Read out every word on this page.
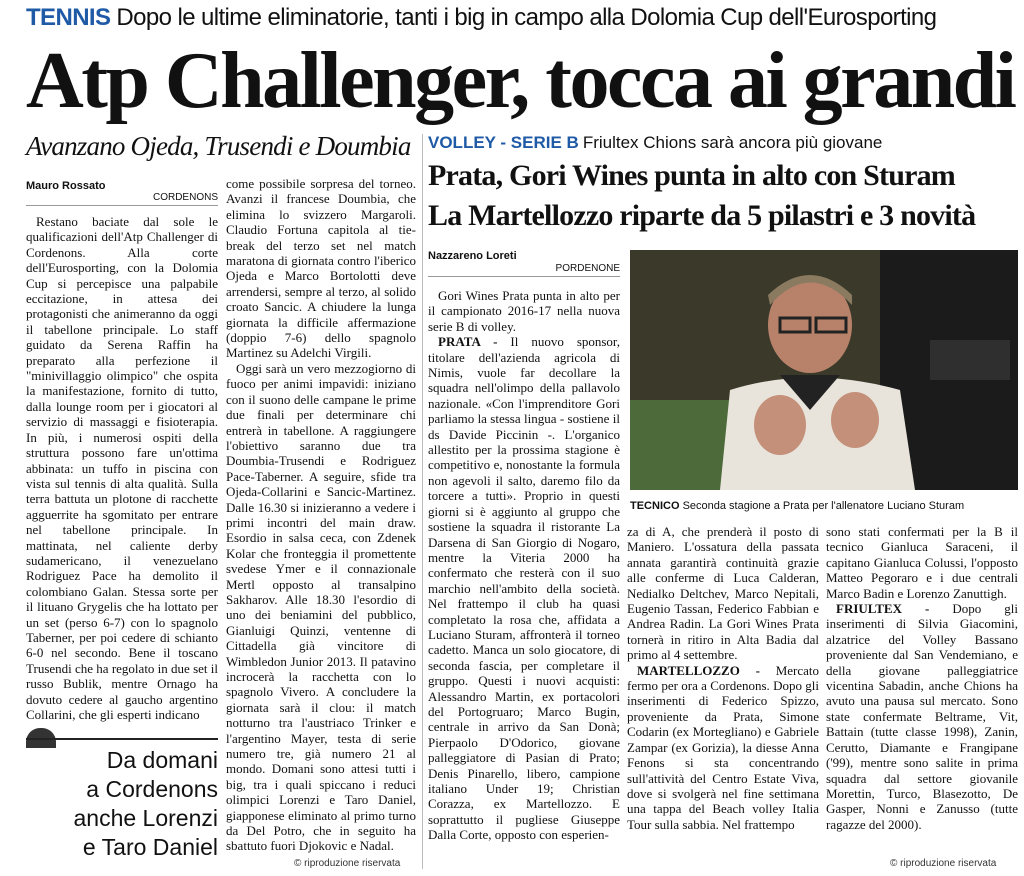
TENNIS Dopo le ultime eliminatorie, tanti i big in campo alla Dolomia Cup dell'Eurosporting
Atp Challenger, tocca ai grandi
Avanzano Ojeda, Trusendi e Doumbia
Mauro Rossato
CORDENONS

Restano baciate dal sole le qualificazioni dell'Atp Challenger di Cordenons. Alla corte dell'Eurosporting, con la Dolomia Cup si percepisce una palpabile eccitazione, in attesa dei protagonisti che animeranno da oggi il tabellone principale. Lo staff guidato da Serena Raffin ha preparato alla perfezione il "minivillaggio olimpico" che ospita la manifestazione, fornito di tutto, dalla lounge room per i giocatori al servizio di massaggi e fisioterapia. In più, i numerosi ospiti della struttura possono fare un'ottima abbinata: un tuffo in piscina con vista sul tennis di alta qualità. Sulla terra battuta un plotone di racchette agguerrite ha sgomitato per entrare nel tabellone principale. In mattinata, nel caliente derby sudamericano, il venezuelano Rodriguez Pace ha demolito il colombiano Galan. Stessa sorte per il lituano Grygelis che ha lottato per un set (perso 6-7) con lo spagnolo Taberner, per poi cedere di schianto 6-0 nel secondo. Bene il toscano Trusendi che ha regolato in due set il russo Bublik, mentre Ornago ha dovuto cedere al gaucho argentino Collarini, che gli esperti indicano

Da domani
a Cordenons
anche Lorenzi
e Taro Daniel

come possibile sorpresa del torneo. Avanzi il francese Doumbia, che elimina lo svizzero Margaroli. Claudio Fortuna capitola al tie-break del terzo set nel match maratona di giornata contro l'iberico Ojeda e Marco Bortolotti deve arrendersi, sempre al terzo, al solido croato Sancic. A chiudere la lunga giornata la difficile affermazione (doppio 7-6) dello spagnolo Martinez su Adelchi Virgili.

Oggi sarà un vero mezzogiorno di fuoco per animi impavidi: iniziano con il suono delle campane le prime due finali per determinare chi entrerà in tabellone. A raggiungere l'obiettivo saranno due tra Doumbia-Trusendi e Rodriguez Pace-Taberner. A seguire, sfide tra Ojeda-Collarini e Sancic-Martinez. Dalle 16.30 si inizieranno a vedere i primi incontri del main draw. Esordio in salsa ceca, con Zdenek Kolar che fronteggia il promettente svedese Ymer e il connazionale Mertl opposto al transalpino Sakharov. Alle 18.30 l'esordio di uno dei beniamini del pubblico, Gianluigi Quinzi, ventenne di Cittadella già vincitore di Wimbledon Junior 2013. Il patavino incrocerà la racchetta con lo spagnolo Vivero. A concludere la giornata sarà il clou: il match notturno tra l'austriaco Trinker e l'argentino Mayer, testa di serie numero tre, già numero 21 al mondo. Domani sono attesi tutti i big, tra i quali spiccano i reduci olimpici Lorenzi e Taro Daniel, giapponese eliminato al primo turno da Del Potro, che in seguito ha sbattuto fuori Djokovic e Nadal.

© riproduzione riservata
VOLLEY - SERIE B Friultex Chions sarà ancora più giovane
Prata, Gori Wines punta in alto con Sturam
La Martellozzo riparte da 5 pilastri e 3 novità
Nazzareno Loreti
PORDENONE

Gori Wines Prata punta in alto per il campionato 2016-17 nella nuova serie B di volley.

PRATA - Il nuovo sponsor, titolare dell'azienda agricola di Nimis, vuole far decollare la squadra nell'olimpo della pallavolo nazionale. «Con l'imprenditore Gori parliamo la stessa lingua - sostiene il ds Davide Piccinin -. L'organico allestito per la prossima stagione è competitivo e, nonostante la formula non agevoli il salto, daremo filo da torcere a tutti». Proprio in questi giorni si è aggiunto al gruppo che sostiene la squadra il ristorante La Darsena di San Giorgio di Nogaro, mentre la Viteria 2000 ha confermato che resterà con il suo marchio nell'ambito della società. Nel frattempo il club ha quasi completato la rosa che, affidata a Luciano Sturam, affronterà il torneo cadetto. Manca un solo giocatore, di seconda fascia, per completare il gruppo. Questi i nuovi acquisti: Alessandro Martin, ex portacolori del Portogruaro; Marco Bugin, centrale in arrivo da San Donà; Pierpaolo D'Odorico, giovane palleggiatore di Pasian di Prato; Denis Pinarello, libero, campione italiano Under 19; Christian Corazza, ex Martellozzo. E soprattutto il pugliese Giuseppe Dalla Corte, opposto con esperien-

TECNICO Seconda stagione a Prata per l'allenatore Luciano Sturam

za di A, che prenderà il posto di Maniero. L'ossatura della passata annata garantirà continuità grazie alle conferme di Luca Calderan, Nedialko Deltchev, Marco Nepitali, Eugenio Tassan, Federico Fabbian e Andrea Radin. La Gori Wines Prata tornerà in ritiro in Alta Badia dal primo al 4 settembre.

MARTELLOZZO - Mercato fermo per ora a Cordenons. Dopo gli inserimenti di Federico Spizzo, proveniente da Prata, Simone Codarin (ex Mortegliano) e Gabriele Zampar (ex Gorizia), la diesse Anna Fenons si sta concentrando sull'attività del Centro Estate Viva, dove si svolgerà nel fine settimana una tappa del Beach volley Italia Tour sulla sabbia. Nel frattempo

sono stati confermati per la B il tecnico Gianluca Saraceni, il capitano Gianluca Colussi, l'opposto Matteo Pegoraro e i due centrali Marco Badin e Lorenzo Zanuttigh.

FRIULTEX - Dopo gli inserimenti di Silvia Giacomini, alzatrice del Volley Bassano proveniente dal San Vendemiano, e della giovane palleggiatrice vicentina Sabadin, anche Chions ha avuto una pausa sul mercato. Sono state confermate Beltrame, Vit, Battain (tutte classe 1998), Zanin, Cerutto, Diamante e Frangipane ('99), mentre sono salite in prima squadra dal settore giovanile Morettin, Turco, Blasezotto, De Gasper, Nonni e Zanusso (tutte ragazze del 2000).

© riproduzione riservata
